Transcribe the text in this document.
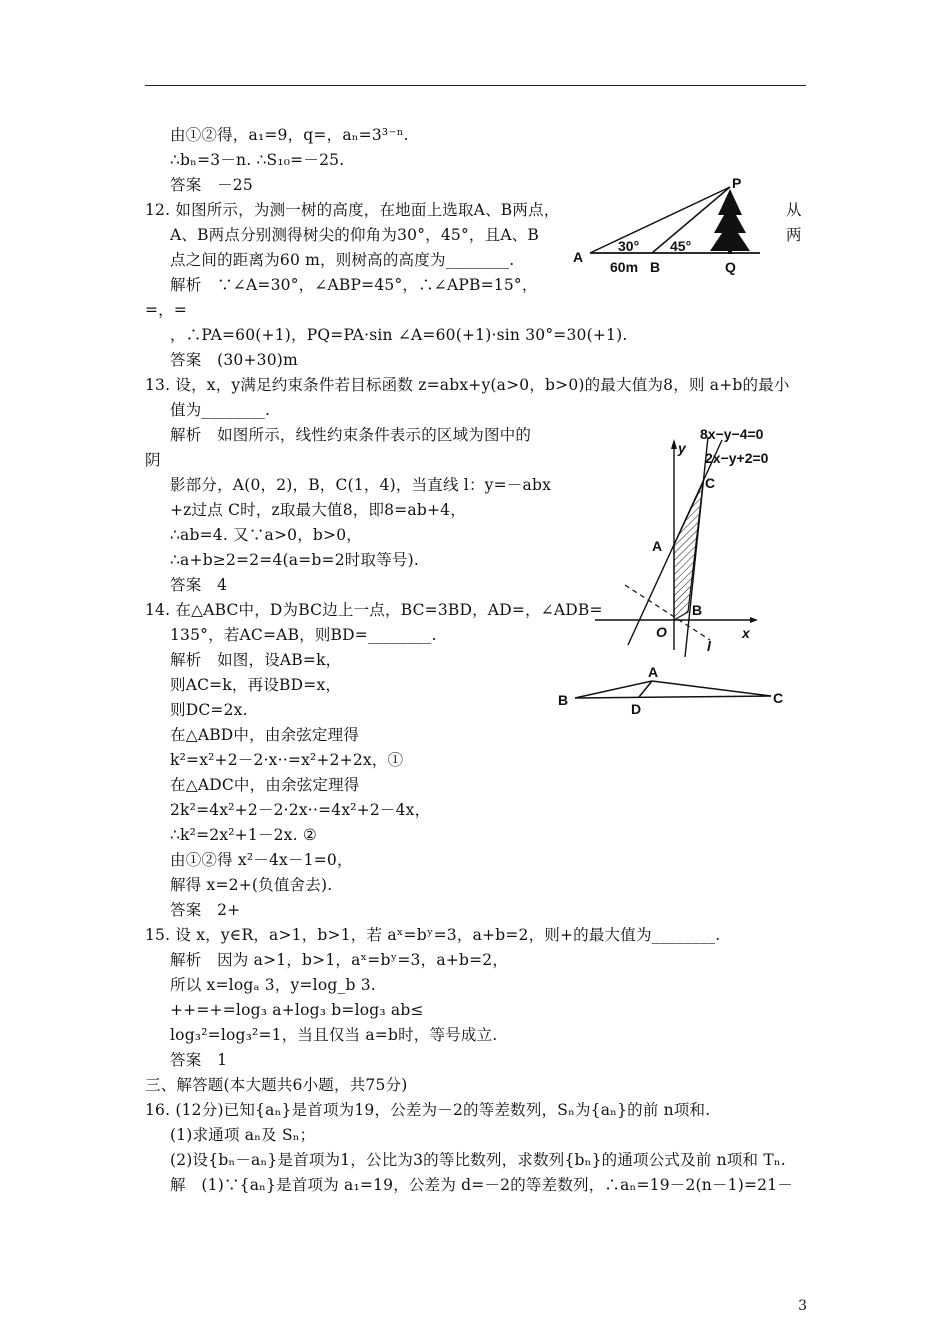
由①②得，a₁=9，q=，aₙ=3³⁻ⁿ.
∴bₙ=3－n. ∴S₁₀=－25.
答案　－25
12. 如图所示，为测一树的高度，在地面上选取A、B两点，	从
A、B两点分别测得树尖的仰角为30°，45°，且A、B	两
点之间的距离为60 m，则树高的高度为________.
解析　∵∠A=30°，∠ABP=45°，∴∠APB=15°，
=，=
，∴PA=60(+1)，PQ=PA·sin ∠A=60(+1)·sin 30°=30(+1).
答案　(30+30)m
13. 设，x，y满足约束条件若目标函数 z=abx+y(a>0，b>0)的最大值为8，则 a+b的最小
值为________.
解析　如图所示，线性约束条件表示的区域为图中的
阴
影部分，A(0，2)，B，C(1，4)，当直线 l：y=－abx
+z过点 C时，z取最大值8，即8=ab+4，
∴ab=4. 又∵a>0，b>0，
∴a+b≥2=2=4(a=b=2时取等号).
答案　4
14. 在△ABC中，D为BC边上一点，BC=3BD，AD=，∠ADB=
135°，若AC=AB，则BD=________.
解析　如图，设AB=k，
则AC=k，再设BD=x，
则DC=2x.
在△ABD中，由余弦定理得
k²=x²+2－2·x··=x²+2+2x，①
在△ADC中，由余弦定理得
2k²=4x²+2－2·2x··=4x²+2－4x，
∴k²=2x²+1－2x. ②
由①②得 x²－4x－1=0，
解得 x=2+(负值舍去).
答案　2+
15. 设 x，y∈R，a>1，b>1，若 aˣ=bʸ=3，a+b=2，则+的最大值为________.
解析　因为 a>1，b>1，aˣ=bʸ=3，a+b=2，
所以 x=logₐ 3，y=log_b 3.
++=+=log₃ a+log₃ b=log₃ ab≤
log₃²=log₃²=1，当且仅当 a=b时，等号成立.
答案　1
三、解答题(本大题共6小题，共75分)
16. (12分)已知{aₙ}是首项为19，公差为－2的等差数列，Sₙ为{aₙ}的前 n项和.
(1)求通项 aₙ及 Sₙ；
(2)设{bₙ－aₙ}是首项为1，公比为3的等比数列，求数列{bₙ}的通项公式及前 n项和 Tₙ.
解　(1)∵{aₙ}是首项为 a₁=19，公差为 d=－2的等差数列，∴aₙ=19－2(n－1)=21－
P
A
B	Q
30° 45°
60m
8x−y−4=0
2x−y+2=0
y
C
A
B
O	x
l
A
B
D
C
3
